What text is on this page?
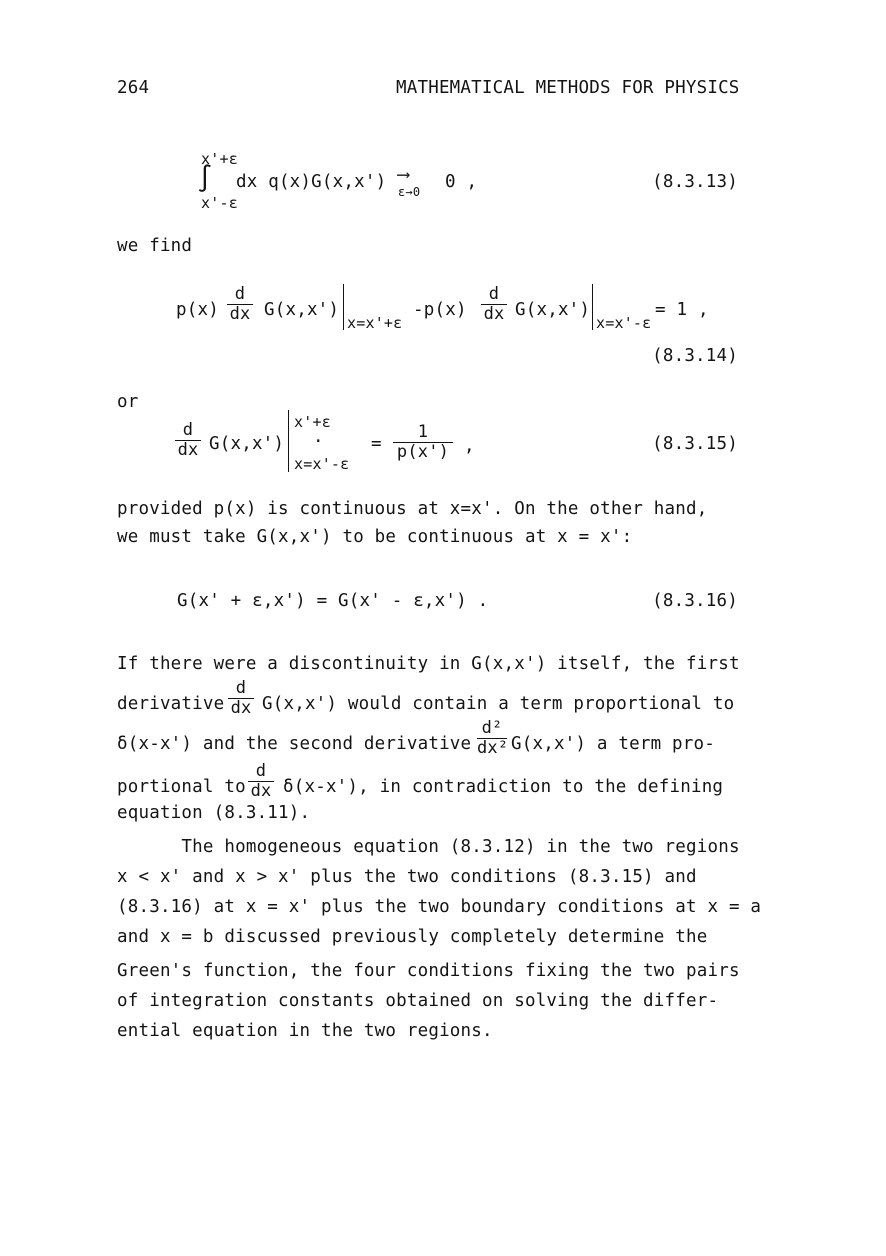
264	MATHEMATICAL METHODS FOR PHYSICS
x'+ε
∫
x'-ε
dx q(x)G(x,x') ⟶
ε→0 0 ,	(8.3.13)
we find
p(x)
d
dx G(x,x')
x=x'+ε
-p(x)
d
dx G(x,x')
x=x'-ε
= 1 ,
(8.3.14)
or
d
dx G(x,x')
x'+ε
·
x=x'-ε
=
1
p(x') ,	(8.3.15)
provided p(x) is continuous at x=x'. On the other hand,
we must take G(x,x') to be continuous at x = x':
G(x' + ε,x') = G(x' - ε,x') .	(8.3.16)
If there were a discontinuity in G(x,x') itself, the first
derivative
d
dx G(x,x') would contain a term proportional to
δ(x-x') and the second derivative
d²
dx² G(x,x') a term pro-
portional to
d
dx δ(x-x'), in contradiction to the defining
equation (8.3.11).
The homogeneous equation (8.3.12) in the two regions
x < x' and x > x' plus the two conditions (8.3.15) and
(8.3.16) at x = x' plus the two boundary conditions at x = a
and x = b discussed previously completely determine the
Green's function, the four conditions fixing the two pairs
of integration constants obtained on solving the differ-
ential equation in the two regions.
